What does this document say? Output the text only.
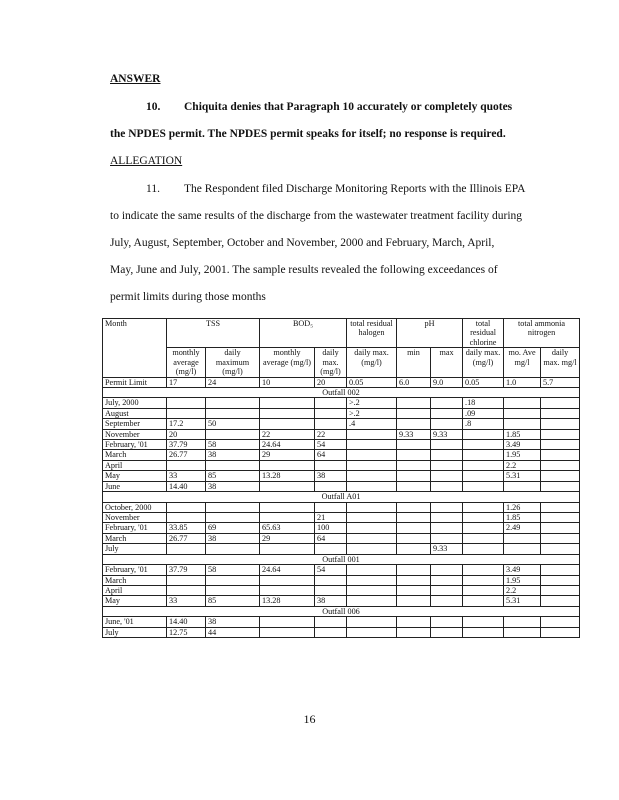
ANSWER
10. Chiquita denies that Paragraph 10 accurately or completely quotes
the NPDES permit. The NPDES permit speaks for itself; no response is required.
ALLEGATION
11. The Respondent filed Discharge Monitoring Reports with the Illinois EPA
to indicate the same results of the discharge from the wastewater treatment facility during
July, August, September, October and November, 2000 and February, March, April,
May, June and July, 2001. The sample results revealed the following exceedances of
permit limits during those months
Month	TSS		BOD₅		total residual halogen	pH		total residual chlorine	total ammonia nitrogen	
	monthly average (mg/l)	daily maximum (mg/l)	monthly average (mg/l)	daily max. (mg/l)	daily max. (mg/l)	min	max	daily max. (mg/l)	mo. Ave mg/l	daily max. mg/l
Permit Limit	17	24	10	20	0.05	6.0	9.0	0.05	1.0	5.7
Outfall 002										
July, 2000					>.2			.18		
August					>.2			.09		
September	17.2	50			.4			.8		
November	20		22	22		9.33	9.33		1.85	
February, '01	37.79	58	24.64	54					3.49	
March	26.77	38	29	64					1.95	
April									2.2	
May	33	85	13.28	38					5.31	
June	14.40	38								
Outfall A01										
October, 2000									1.26	
November				21					1.85	
February, '01	33.85	69	65.63	100					2.49	
March	26.77	38	29	64						
July							9.33			
Outfall 001										
February, '01	37.79	58	24.64	54					3.49	
March									1.95	
April									2.2	
May	33	85	13.28	38					5.31	
Outfall 006										
June, '01	14.40	38								
July	12.75	44								
16
